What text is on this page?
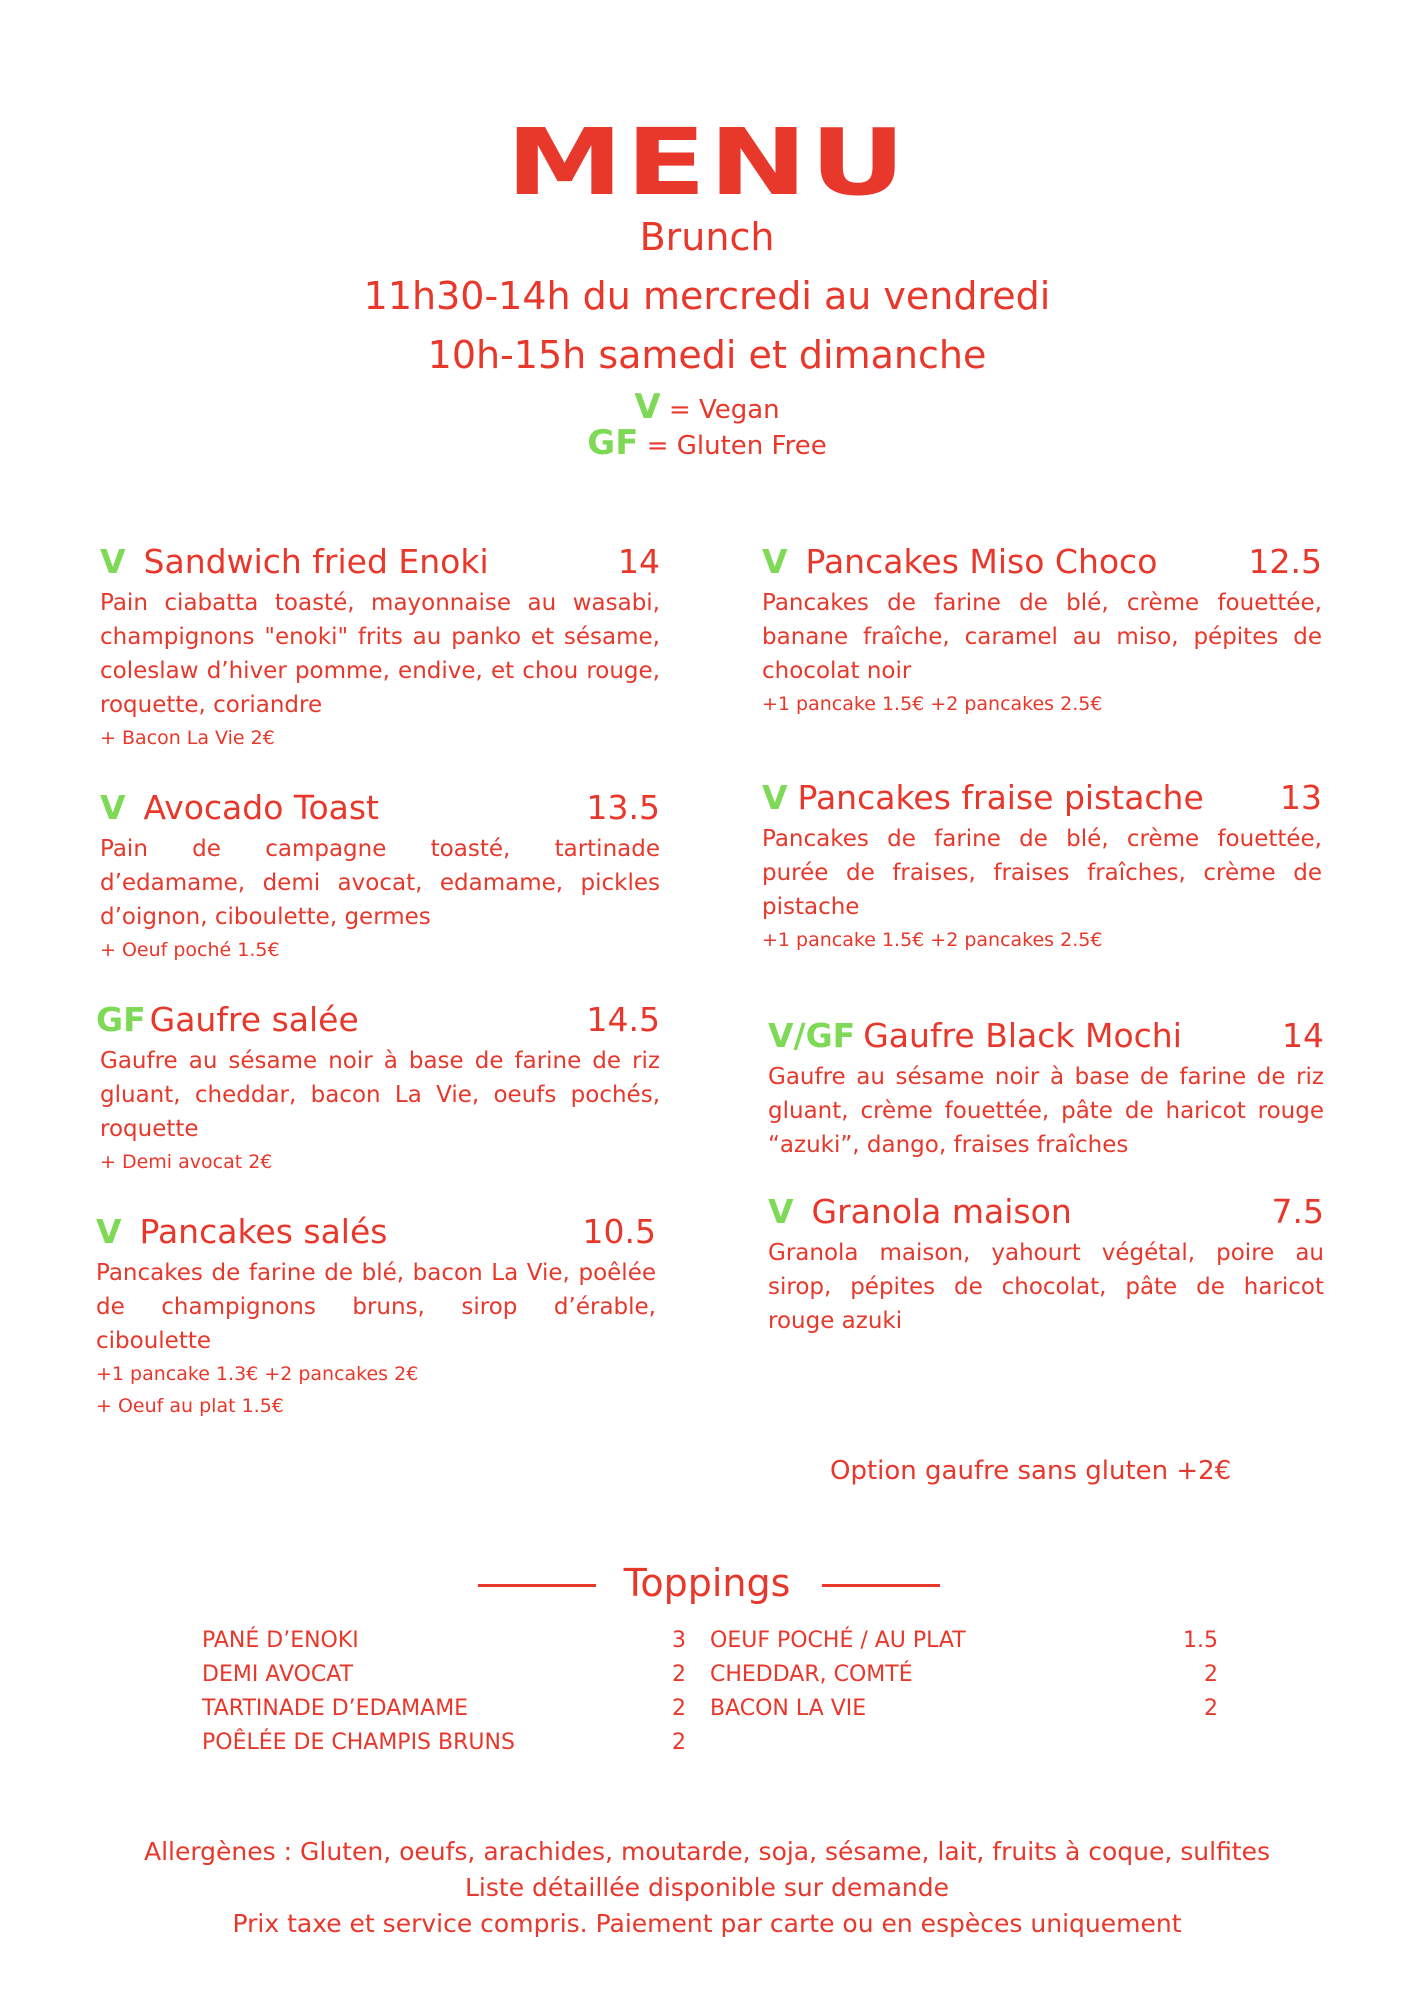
MENU
Brunch
11h30-14h du mercredi au vendredi
10h-15h samedi et dimanche
V = Vegan
GF = Gluten Free
V Sandwich fried Enoki	14
Pain ciabatta toasté, mayonnaise au wasabi, champignons "enoki" frits au panko et sésame, coleslaw d’hiver pomme, endive, et chou rouge, roquette, coriandre
+ Bacon La Vie 2€
V Avocado Toast	13.5
Pain de campagne toasté, tartinade d’edamame, demi avocat, edamame, pickles d’oignon, ciboulette, germes
+ Oeuf poché 1.5€
GF Gaufre salée	14.5
Gaufre au sésame noir à base de farine de riz gluant, cheddar, bacon La Vie, oeufs pochés, roquette
+ Demi avocat 2€
V Pancakes salés	10.5
Pancakes de farine de blé, bacon La Vie, poêlée de champignons bruns, sirop d’érable, ciboulette
+1 pancake 1.3€ +2 pancakes 2€
+ Oeuf au plat 1.5€
V Pancakes Miso Choco	12.5
Pancakes de farine de blé, crème fouettée, banane fraîche, caramel au miso, pépites de chocolat noir
+1 pancake 1.5€ +2 pancakes 2.5€
V Pancakes fraise pistache 13
Pancakes de farine de blé, crème fouettée, purée de fraises, fraises fraîches, crème de pistache
+1 pancake 1.5€ +2 pancakes 2.5€
V/GF Gaufre Black Mochi	14
Gaufre au sésame noir à base de farine de riz gluant, crème fouettée, pâte de haricot rouge “azuki”, dango, fraises fraîches
V Granola maison	7.5
Granola maison, yahourt végétal, poire au sirop, pépites de chocolat, pâte de haricot rouge azuki
Option gaufre sans gluten +2€
Toppings
PANÉ D’ENOKI	3
DEMI AVOCAT	2
TARTINADE D’EDAMAME	2
POÊLÉE DE CHAMPIS BRUNS	2
OEUF POCHÉ / AU PLAT	1.5
CHEDDAR, COMTÉ	2
BACON LA VIE	2
Allergènes : Gluten, oeufs, arachides, moutarde, soja, sésame, lait, fruits à coque, sulfites
Liste détaillée disponible sur demande
Prix taxe et service compris. Paiement par carte ou en espèces uniquement
